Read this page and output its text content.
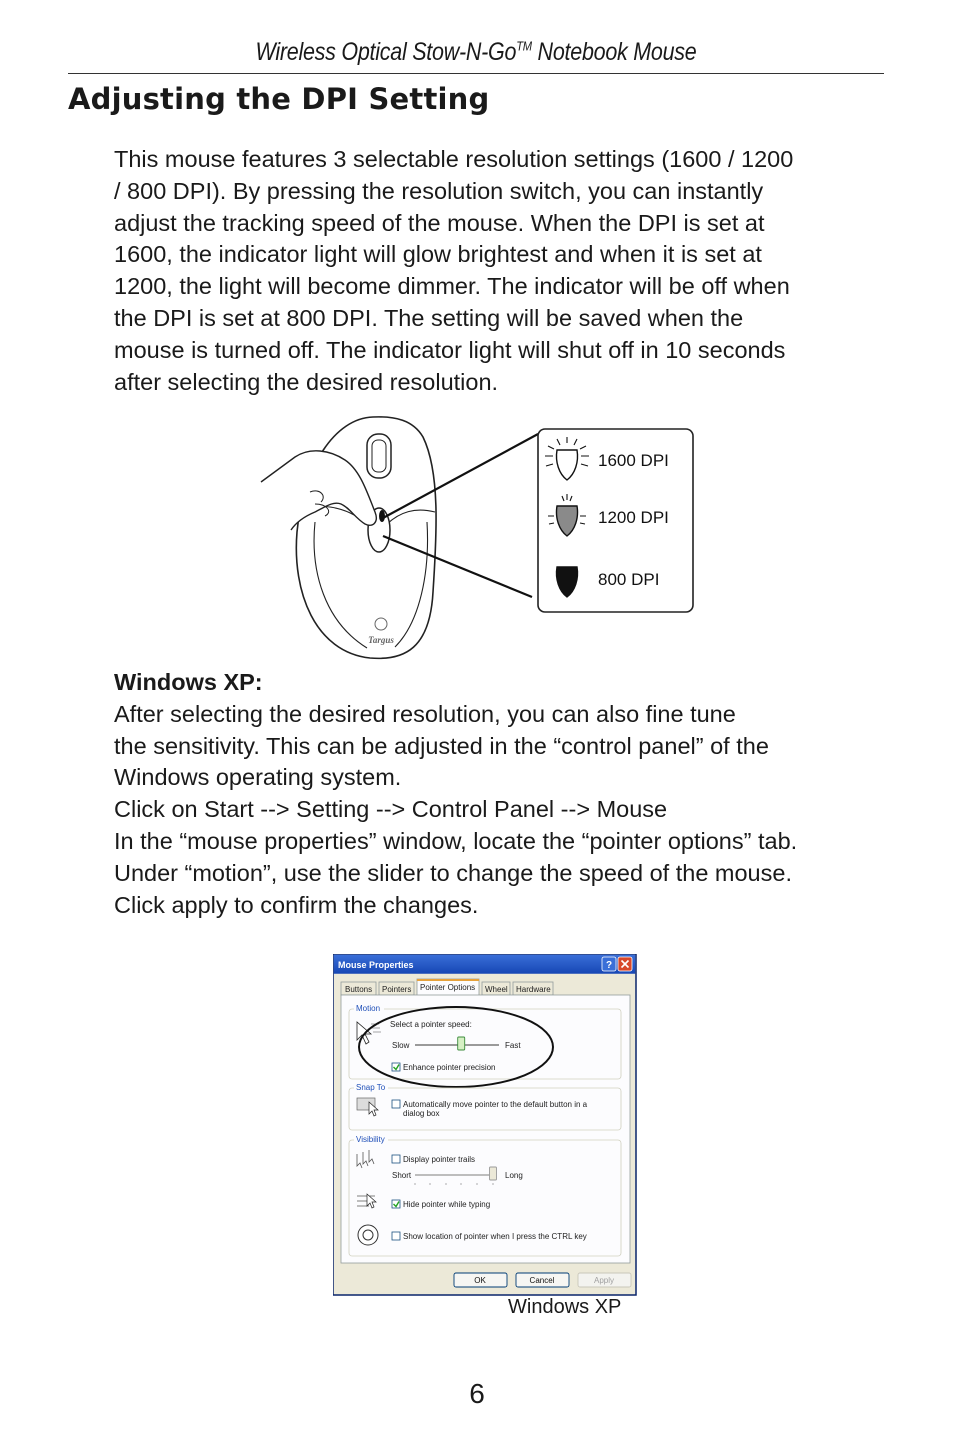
Wireless Optical Stow-N-Go™ Notebook Mouse
Adjusting the DPI Setting

This mouse features 3 selectable resolution settings (1600 / 1200

/ 800 DPI). By pressing the resolution switch, you can instantly

adjust the tracking speed of the mouse. When the DPI is set at

1600, the indicator light will glow brightest and when it is set at

1200, the light will become dimmer. The indicator will be off when

the DPI is set at 800 DPI. The setting will be saved when the

mouse is turned off. The indicator light will shut off in 10 seconds

after selecting the desired resolution.

Targus
1600 DPI
1200 DPI
800 DPI

Windows XP:

After selecting the desired resolution, you can also fine tune

the sensitivity. This can be adjusted in the “control panel” of the

Windows operating system.

Click on Start --> Setting --> Control Panel --> Mouse

In the “mouse properties” window, locate the “pointer options” tab.

Under “motion”, use the slider to change the speed of the mouse.

Click apply to confirm the changes.

Mouse Properties	?
Buttons Pointers Pointer Options Wheel Hardware
Motion
Select a pointer speed:
Slow	Fast
Enhance pointer precision
Snap To
Automatically move pointer to the default button in a
dialog box
Visibility
Display pointer trails
Short	Long
Hide pointer while typing
Show location of pointer when I press the CTRL key
OK	Cancel	Apply
Windows XP
6
